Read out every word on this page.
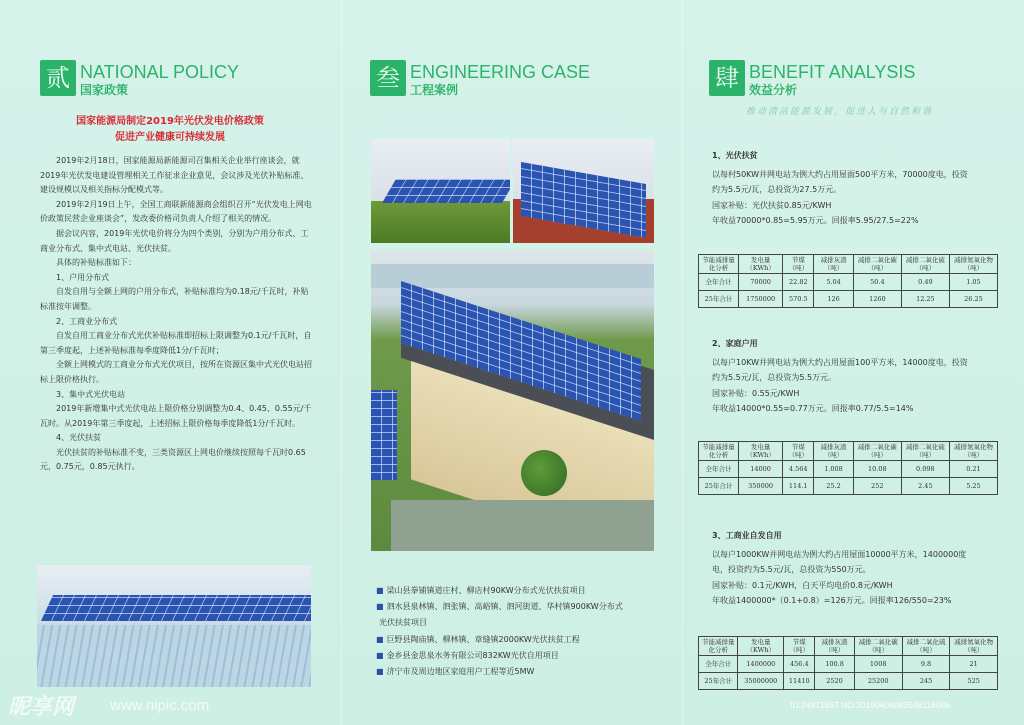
贰 NATIONAL POLICY
国家政策
国家能源局制定2019年光伏发电价格政策
促进产业健康可持续发展

2019年2月18日，国家能源局新能源司召集相关企业举行座谈会，就2019年光伏发电建设管理相关工作征求企业意见，会议涉及光伏补贴标准、建设规模以及相关指标分配模式等。

2019年2月19日上午，全国工商联新能源商会组织召开“光伏发电上网电价政策民营企业座谈会”，发改委价格司负责人介绍了相关的情况。

据会议内容，2019年光伏电价将分为四个类别，分别为户用分布式、工商业分布式、集中式电站、光伏扶贫。

具体的补贴标准如下：

1、户用分布式

自发自用与全额上网的户用分布式，补贴标准均为0.18元/千瓦时，补贴标准按年调整。

2、工商业分布式

自发自用工商业分布式光伏补贴标准即招标上限调整为0.1元/千瓦时，自第三季度起，上述补贴标准每季度降低1分/千瓦时；

全额上网模式的工商业分布式光伏项目，按所在资源区集中式光伏电站招标上限价格执行。

3、集中式光伏电站

2019年新增集中式光伏电站上限价格分别调整为0.4、0.45、0.55元/千瓦时。从2019年第三季度起，上述招标上限价格每季度降低1分/千瓦时。

4、光伏扶贫

光伏扶贫的补贴标准不变，三类资源区上网电价继续按照每千瓦时0.65元，0.75元，0.85元执行。

叁 ENGINEERING CASE
工程案例
■ 梁山县拳铺镇道庄村、柳店村90KW分布式光伏扶贫项目
■ 泗水县泉林镇、泗张镇、高峪镇、泗河街道、华村镇900KW分布式
光伏扶贫项目
■ 巨野县陶庙镇、柳林镇、章缝镇2000KW光伏扶贫工程
■ 金乡县金思泉水务有限公司832KW光伏自用项目
■ 济宁市及周边地区家庭用户工程等近5MW
肆 BENEFIT ANALYSIS
效益分析
推动清洁能源发展，促进人与自然和谐
1、光伏扶贫
以每村50KW并网电站为例大约占用屋面500平方米，70000度电，投资
约为5.5元/瓦，总投资为27.5万元。
国家补贴：光伏扶贫0.85元/KWH
年收益70000*0.85=5.95万元。回报率5.95/27.5=22%
节能减排量化分析	发电量（KWh）	节煤（吨）	减排灰渣（吨）	减排二氧化碳（吨）	减排二氧化硫（吨）	减排氮氧化物（吨）
全年合计	70000	22.82	5.04	50.4	0.49	1.05
25年合计	1750000	570.5	126	1260	12.25	26.25
2、家庭户用
以每户10KW并网电站为例大约占用屋面100平方米，14000度电，投资
约为5.5元/瓦，总投资为5.5万元。
国家补贴：0.55元/KWH
年收益14000*0.55=0.77万元。回报率0.77/5.5=14%
节能减排量化分析	发电量（KWh）	节煤（吨）	减排灰渣（吨）	减排二氧化碳（吨）	减排二氧化硫（吨）	减排氮氧化物（吨）
全年合计	14000	4.564	1.008	10.08	0.098	0.21
25年合计	350000	114.1	25.2	252	2.45	5.25
3、工商业自发自用
以每户1000KW并网电站为例大约占用屋面10000平方米，1400000度
电，投资约为5.5元/瓦，总投资为550万元。
国家补贴：0.1元/KWH，白天平均电价0.8元/KWH
年收益1400000*（0.1+0.8）=126万元。回报率126/550=23%
节能减排量化分析	发电量（KWh）	节煤（吨）	减排灰渣（吨）	减排二氧化碳（吨）	减排二氧化硫（吨）	减排氮氧化物（吨）
全年合计	1400000	456.4	100.8	1008	9.8	21
25年合计	35000000	11410	2520	25200	245	525
昵享网 www.nipic.com	ID:24971857 NO:20190406083546116086
